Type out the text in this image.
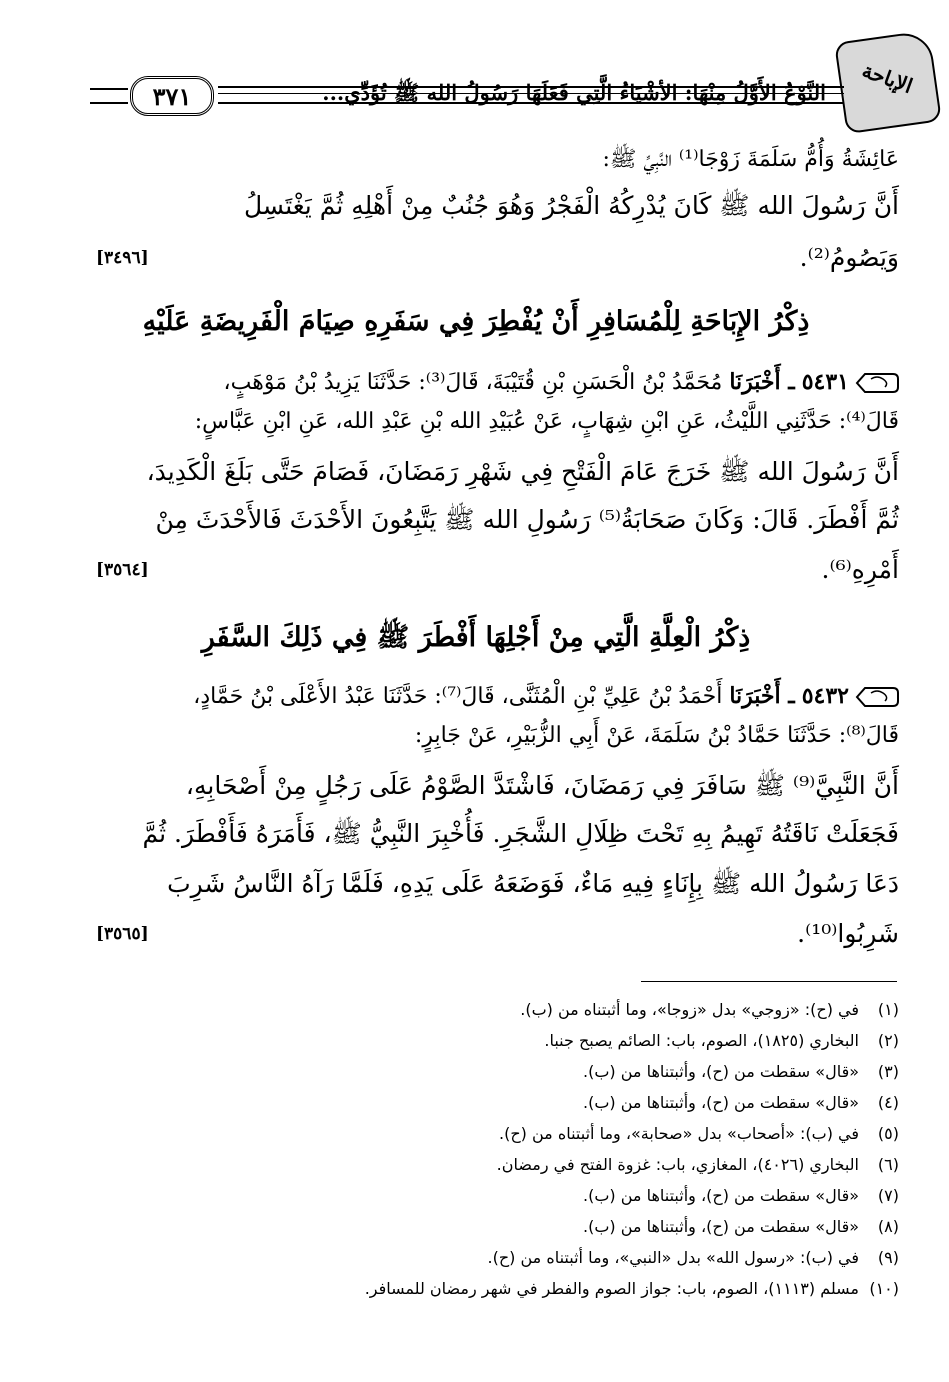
الإباحة
النَّوْعُ الأَوَّلُ مِنْهَا: الأشْيَاءُ الَّتِي فَعَلَهَا رَسُولُ الله ﷺ تُؤَدِّي...
٣٧١
عَائِشَةُ وَأُمُّ سَلَمَةَ زَوْجَا⁽¹⁾ النَّبِيِّ ﷺ:
أَنَّ رَسُولَ الله ﷺ كَانَ يُدْرِكُهُ الْفَجْرُ وَهُوَ جُنُبٌ مِنْ أَهْلِهِ ثُمَّ يَغْتَسِلُ
وَيَصُومُ⁽²⁾.
[٣٤٩٦]
ذِكْرُ الإِبَاحَةِ لِلْمُسَافِرِ أَنْ يُفْطِرَ فِي سَفَرِهِ صِيَامَ الْفَرِيضَةِ عَلَيْهِ
٥٤٣١ ـ أَخْبَرَنَا مُحَمَّدُ بْنُ الْحَسَنِ بْنِ قُتَيْبَةَ، قَالَ⁽³⁾: حَدَّثَنَا يَزِيدُ بْنُ مَوْهَبٍ،
قَالَ⁽⁴⁾: حَدَّثَنِي اللَّيْثُ، عَنِ ابْنِ شِهَابٍ، عَنْ عُبَيْدِ الله بْنِ عَبْدِ الله، عَنِ ابْنِ عَبَّاسٍ:
أَنَّ رَسُولَ الله ﷺ خَرَجَ عَامَ الْفَتْحِ فِي شَهْرِ رَمَضَانَ، فَصَامَ حَتَّى بَلَغَ الْكَدِيدَ،
ثُمَّ أَفْطَرَ. قَالَ: وَكَانَ صَحَابَةُ⁽⁵⁾ رَسُولِ الله ﷺ يَتَّبِعُونَ الأَحْدَثَ فَالأَحْدَثَ مِنْ
أَمْرِهِ⁽⁶⁾.
[٣٥٦٤]
ذِكْرُ الْعِلَّةِ الَّتِي مِنْ أَجْلِهَا أَفْطَرَ ﷺ فِي ذَلِكَ السَّفَرِ
٥٤٣٢ ـ أَخْبَرَنَا أَحْمَدُ بْنُ عَلِيِّ بْنِ الْمُثَنَّى، قَالَ⁽⁷⁾: حَدَّثَنَا عَبْدُ الأَعْلَى بْنُ حَمَّادٍ،
قَالَ⁽⁸⁾: حَدَّثَنَا حَمَّادُ بْنُ سَلَمَةَ، عَنْ أَبِي الزُّبَيْرِ، عَنْ جَابِرٍ:
أَنَّ النَّبِيَّ⁽⁹⁾ ﷺ سَافَرَ فِي رَمَضَانَ، فَاشْتَدَّ الصَّوْمُ عَلَى رَجُلٍ مِنْ أَصْحَابِهِ،
فَجَعَلَتْ نَاقَتُهُ تَهِيمُ بِهِ تَحْتَ ظِلَالِ الشَّجَرِ. فَأُخْبِرَ النَّبِيُّ ﷺ، فَأَمَرَهُ فَأَفْطَرَ. ثُمَّ
دَعَا رَسُولُ الله ﷺ بِإِنَاءٍ فِيهِ مَاءٌ، فَوَضَعَهُ عَلَى يَدِهِ، فَلَمَّا رَآهُ النَّاسُ شَرِبَ
شَرِبُوا⁽¹⁰⁾.
[٣٥٦٥]
(١)في (ح): «زوجي» بدل «زوجا»، وما أثبتناه من (ب).
(٢)البخاري (١٨٢٥)، الصوم، باب: الصائم يصبح جنبا.
(٣)«قال» سقطت من (ح)، وأثبتناها من (ب).
(٤)«قال» سقطت من (ح)، وأثبتناها من (ب).
(٥)في (ب): «أصحاب» بدل «صحابة»، وما أثبتناه من (ح).
(٦)البخاري (٤٠٢٦)، المغازي، باب: غزوة الفتح في رمضان.
(٧)«قال» سقطت من (ح)، وأثبتناها من (ب).
(٨)«قال» سقطت من (ح)، وأثبتناها من (ب).
(٩)في (ب): «رسول الله» بدل «النبي»، وما أثبتناه من (ح).
(١٠)مسلم (١١١٣)، الصوم، باب: جواز الصوم والفطر في شهر رمضان للمسافر.
